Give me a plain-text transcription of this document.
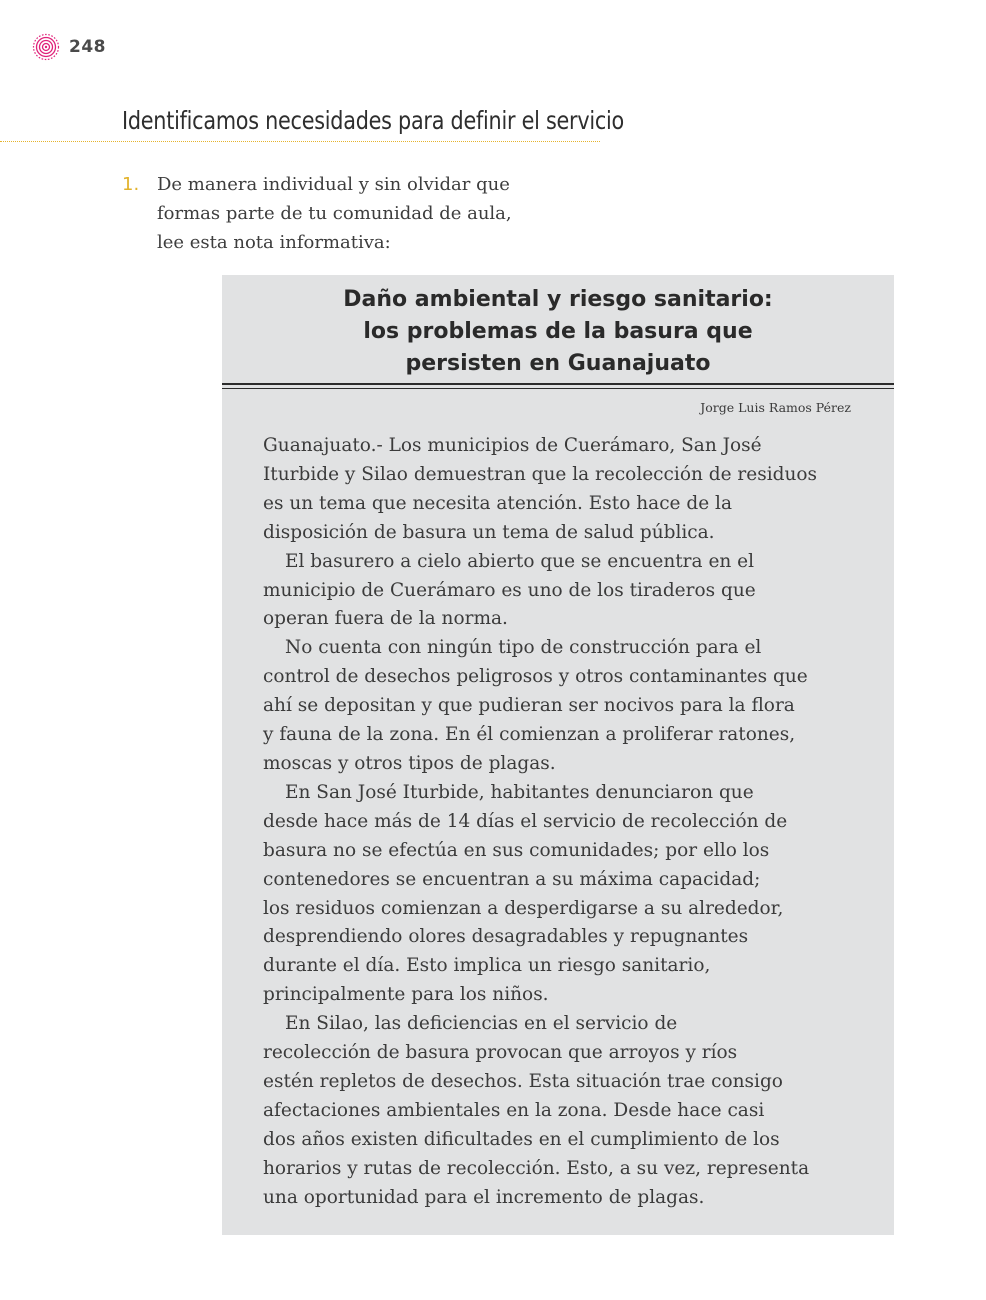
248
Identificamos necesidades para definir el servicio
1. De manera individual y sin olvidar que
formas parte de tu comunidad de aula,
lee esta nota informativa:
Daño ambiental y riesgo sanitario:
los problemas de la basura que
persisten en Guanajuato
Jorge Luis Ramos Pérez

Guanajuato.- Los municipios de Cuerámaro, San José
Iturbide y Silao demuestran que la recolección de residuos
es un tema que necesita atención. Esto hace de la
disposición de basura un tema de salud pública.

El basurero a cielo abierto que se encuentra en el
municipio de Cuerámaro es uno de los tiraderos que
operan fuera de la norma.

No cuenta con ningún tipo de construcción para el
control de desechos peligrosos y otros contaminantes que
ahí se depositan y que pudieran ser nocivos para la flora
y fauna de la zona. En él comienzan a proliferar ratones,
moscas y otros tipos de plagas.

En San José Iturbide, habitantes denunciaron que
desde hace más de 14 días el servicio de recolección de
basura no se efectúa en sus comunidades; por ello los
contenedores se encuentran a su máxima capacidad;
los residuos comienzan a desperdigarse a su alrededor,
desprendiendo olores desagradables y repugnantes
durante el día. Esto implica un riesgo sanitario,
principalmente para los niños.

En Silao, las deficiencias en el servicio de
recolección de basura provocan que arroyos y ríos
estén repletos de desechos. Esta situación trae consigo
afectaciones ambientales en la zona. Desde hace casi
dos años existen dificultades en el cumplimiento de los
horarios y rutas de recolección. Esto, a su vez, representa
una oportunidad para el incremento de plagas.
